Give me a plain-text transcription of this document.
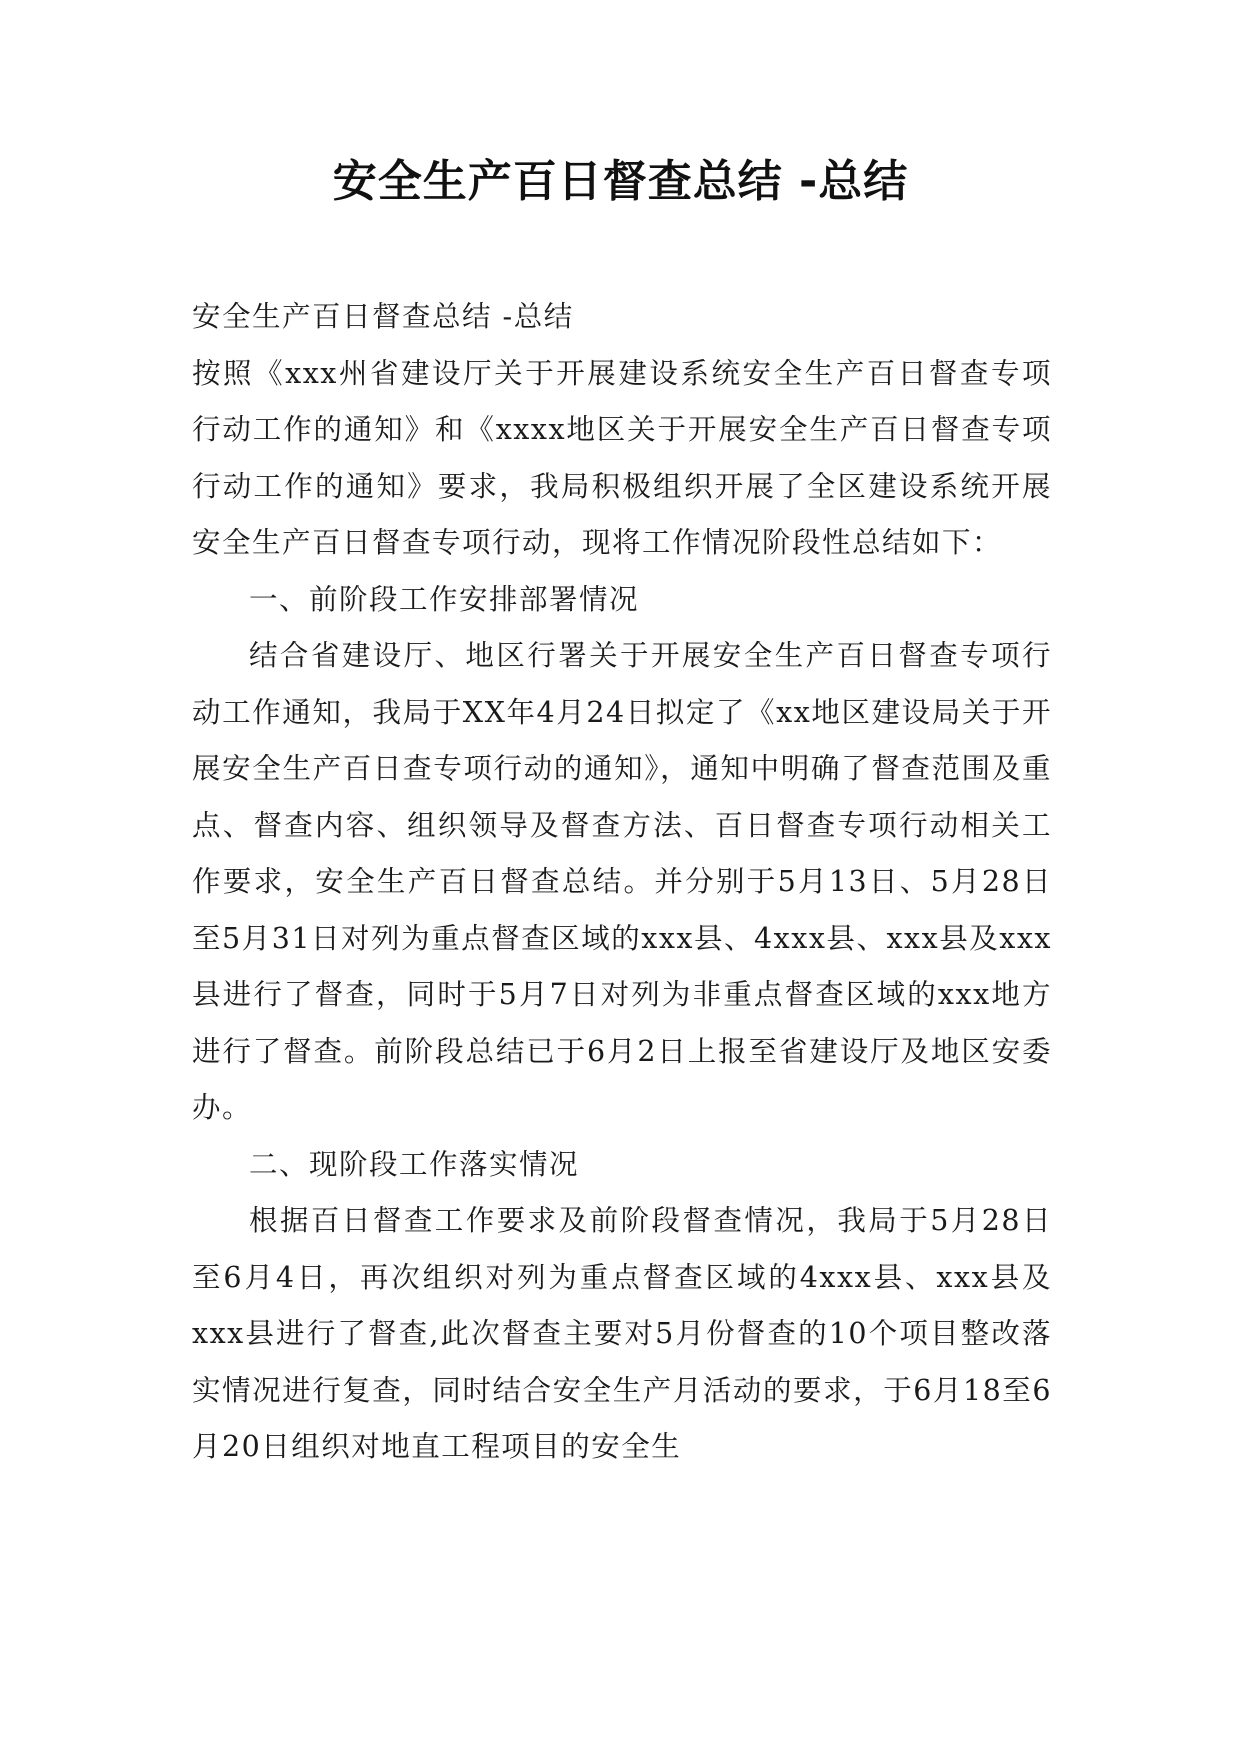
安全生产百日督查总结 -总结

安全生产百日督查总结 -总结

按照《xxx州省建设厅关于开展建设系统安全生产百日督查专项行动工作的通知》和《xxxx地区关于开展安全生产百日督查专项行动工作的通知》要求，我局积极组织开展了全区建设系统开展安全生产百日督查专项行动，现将工作情况阶段性总结如下：

一、前阶段工作安排部署情况

结合省建设厅、地区行署关于开展安全生产百日督查专项行动工作通知，我局于XX年4月24日拟定了《xx地区建设局关于开展安全生产百日查专项行动的通知》，通知中明确了督查范围及重点、督查内容、组织领导及督查方法、百日督查专项行动相关工作要求，安全生产百日督查总结。并分别于5月13日、5月28日至5月31日对列为重点督查区域的xxx县、4xxx县、xxx县及xxx县进行了督查，同时于5月7日对列为非重点督查区域的xxx地方进行了督查。前阶段总结已于6月2日上报至省建设厅及地区安委办。

二、现阶段工作落实情况

根据百日督查工作要求及前阶段督查情况，我局于5月28日至6月4日，再次组织对列为重点督查区域的4xxx县、xxx县及xxx县进行了督查,此次督查主要对5月份督查的10个项目整改落实情况进行复查，同时结合安全生产月活动的要求，于6月18至6月20日组织对地直工程项目的安全生
